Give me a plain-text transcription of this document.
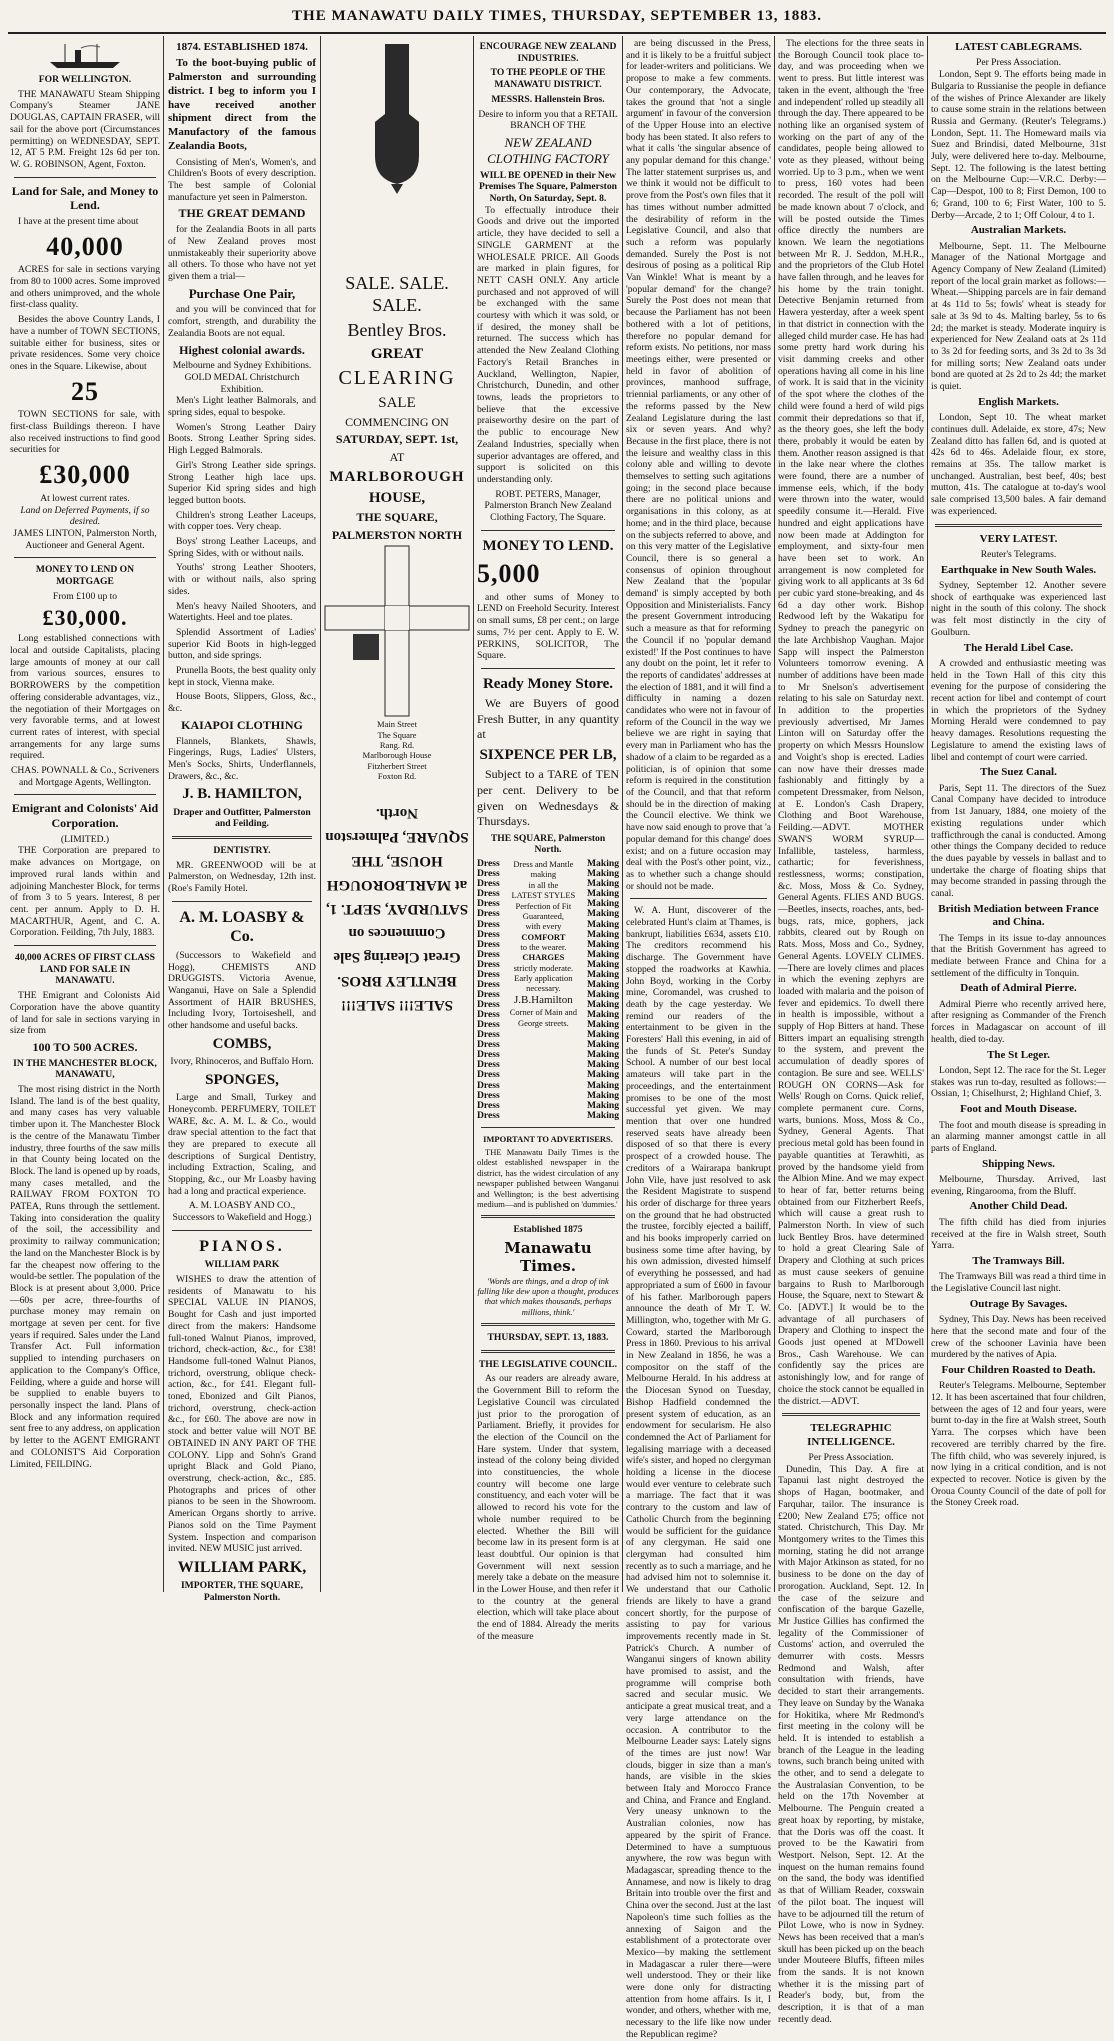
THE MANAWATU DAILY TIMES, THURSDAY, SEPTEMBER 13, 1883.
FOR WELLINGTON.

THE MANAWATU Steam Shipping Company's Steamer JANE DOUGLAS, CAPTAIN FRASER, will sail for the above port (Circumstances permitting) on WEDNESDAY, SEPT. 12, AT 5 P.M. Freight 12s 6d per ton. W. G. ROBINSON, Agent, Foxton.

Land for Sale, and Money to Lend.

I have at the present time about

40,000

ACRES for sale in sections varying from 80 to 1000 acres. Some improved and others unimproved, and the whole first-class quality.

Besides the above Country Lands, I have a number of TOWN SECTIONS, suitable either for business, sites or private residences. Some very choice ones in the Square. Likewise, about

25

TOWN SECTIONS for sale, with first-class Buildings thereon. I have also received instructions to find good securities for

£30,000
At lowest current rates.
Land on Deferred Payments, if so desired.
JAMES LINTON, Palmerston North, Auctioneer and General Agent.
MONEY TO LEND ON MORTGAGE
From £100 up to
£30,000.

Long established connections with local and outside Capitalists, placing large amounts of money at our call from various sources, ensures to BORROWERS by the competition offering considerable advantages, viz., the negotiation of their Mortgages on very favorable terms, and at lowest current rates of interest, with special arrangements for any large sums required.

CHAS. POWNALL & Co., Scriveners and Mortgage Agents, Wellington.
Emigrant and Colonists' Aid Corporation.
(LIMITED.)

THE Corporation are prepared to make advances on Mortgage, on improved rural lands within and adjoining Manchester Block, for terms of from 3 to 5 years. Interest, 8 per cent. per annum. Apply to D. H. MACARTHUR, Agent, and C. A. Corporation. Feilding, 7th July, 1883.

40,000 ACRES OF FIRST CLASS LAND FOR SALE IN MANAWATU.

THE Emigrant and Colonists Aid Corporation have the above quantity of land for sale in sections varying in size from

100 TO 500 ACRES.
IN THE MANCHESTER BLOCK, MANAWATU,

The most rising district in the North Island. The land is of the best quality, and many cases has very valuable timber upon it. The Manchester Block is the centre of the Manawatu Timber industry, three fourths of the saw mills in that County being located on the Block. The land is opened up by roads, many cases metalled, and the RAILWAY FROM FOXTON TO PATEA, Runs through the settlement. Taking into consideration the quality of the soil, the accessibility and proximity to railway communication; the land on the Manchester Block is by far the cheapest now offering to the would-be settler. The population of the Block is at present about 3,000. Price—60s per acre, three-fourths of purchase money may remain on mortgage at seven per cent. for five years if required. Sales under the Land Transfer Act. Full information supplied to intending purchasers on application to the Company's Office, Feilding, where a guide and horse will be supplied to enable buyers to personally inspect the land. Plans of Block and any information required sent free to any address, on application by letter to the AGENT EMIGRANT and COLONIST'S Aid Corporation Limited, FEILDING.

1874. ESTABLISHED 1874.

To the boot-buying public of Palmerston and surrounding district. I beg to inform you I have received another shipment direct from the Manufactory of the famous Zealandia Boots,

Consisting of Men's, Women's, and Children's Boots of every description. The best sample of Colonial manufacture yet seen in Palmerston.

THE GREAT DEMAND

for the Zealandia Boots in all parts of New Zealand proves most unmistakeably their superiority above all others. To those who have not yet given them a trial—

Purchase One Pair,

and you will be convinced that for comfort, strength, and durability the Zealandia Boots are not equal.

Highest colonial awards.
Melbourne and Sydney Exhibitions. GOLD MEDAL Christchurch Exhibition.

Men's Light leather Balmorals, and spring sides, equal to bespoke.

Women's Strong Leather Dairy Boots. Strong Leather Spring sides. High Legged Balmorals.

Girl's Strong Leather side springs. Strong Leather high lace ups. Superior Kid spring sides and high legged button boots.

Children's strong Leather Laceups, with copper toes. Very cheap.

Boys' strong Leather Laceups, and Spring Sides, with or without nails.

Youths' strong Leather Shooters, with or without nails, also spring sides.

Men's heavy Nailed Shooters, and Watertights. Heel and toe plates.

Splendid Assortment of Ladies' superior Kid Boots in high-legged button, and side springs.

Prunella Boots, the best quality only kept in stock, Vienna make.

House Boots, Slippers, Gloss, &c., &c.

KAIAPOI CLOTHING

Flannels, Blankets, Shawls, Fingerings, Rugs, Ladies' Ulsters, Men's Socks, Shirts, Underflannels, Drawers, &c., &c.

J. B. HAMILTON,
Draper and Outfitter, Palmerston and Feilding.
DENTISTRY.

MR. GREENWOOD will be at Palmerston, on Wednesday, 12th inst. (Roe's Family Hotel.

A. M. LOASBY & Co.

(Successors to Wakefield and Hogg), CHEMISTS AND DRUGGISTS. Victoria Avenue, Wanganui, Have on Sale a Splendid Assortment of HAIR BRUSHES, Including Ivory, Tortoiseshell, and other handsome and useful backs.

COMBS,
Ivory, Rhinoceros, and Buffalo Horn.
SPONGES,

Large and Small, Turkey and Honeycomb. PERFUMERY, TOILET WARE, &c. A. M. L. & Co., would draw special attention to the fact that they are prepared to execute all descriptions of Surgical Dentistry, including Extraction, Scaling, and Stopping, &c., our Mr Loasby having had a long and practical experience.

A. M. LOASBY AND CO., Successors to Wakefield and Hogg.)
PIANOS.
WILLIAM PARK

WISHES to draw the attention of residents of Manawatu to his SPECIAL VALUE IN PIANOS, Bought for Cash and just imported direct from the makers: Handsome full-toned Walnut Pianos, improved, trichord, check-action, &c., for £38! Handsome full-toned Walnut Pianos, trichord, overstrung, oblique check-action, &c., for £41. Elegant full-toned, Ebonized and Gilt Pianos, trichord, overstrung, check-action &c., for £60. The above are now in stock and better value will NOT BE OBTAINED IN ANY PART OF THE COLONY. Lipp and Sohn's Grand upright Black and Gold Piano, overstrung, check-action, &c., £85. Photographs and prices of other pianos to be seen in the Showroom. American Organs shortly to arrive. Pianos sold on the Time Payment System. Inspection and comparison invited. NEW MUSIC just arrived.

WILLIAM PARK,
IMPORTER, THE SQUARE, Palmerston North.
SALE. SALE. SALE.
Bentley Bros.
GREAT
CLEARING
SALE
COMMENCING ON
SATURDAY, SEPT. 1st,
AT
MARLBOROUGH
HOUSE,
THE SQUARE,
PALMERSTON NORTH
Main Street
The Square
Rang. Rd.
Marlborough House
Fitzherbert Street
Foxton Rd.
SALE!!! SALE!!! BENTLEY BROS. Great Clearing Sale Commences on SATURDAY, SEPT. 1, at MARLBOROUGH HOUSE, THE SQUARE, Palmerston North.
ENCOURAGE NEW ZEALAND INDUSTRIES.
TO THE PEOPLE OF THE MANAWATU DISTRICT.
MESSRS. Hallenstein Bros.
Desire to inform you that a RETAIL BRANCH OF THE
NEW ZEALAND CLOTHING FACTORY
WILL BE OPENED in their New Premises The Square, Palmerston North, On Saturday, Sept. 8.

To effectually introduce their Goods and drive out the imported article, they have decided to sell a SINGLE GARMENT at the WHOLESALE PRICE. All Goods are marked in plain figures, for NETT CASH ONLY. Any article purchased and not approved of will be exchanged with the same courtesy with which it was sold, or if desired, the money shall be returned. The success which has attended the New Zealand Clothing Factory's Retail Branches in Auckland, Wellington, Napier, Christchurch, Dunedin, and other towns, leads the proprietors to believe that the excessive praiseworthy desire on the part of the public to encourage New Zealand Industries, specially when superior advantages are offered, and support is solicited on this understanding only.

ROBT. PETERS, Manager, Palmerston Branch New Zealand Clothing Factory, The Square.
MONEY TO LEND.
5,000

and other sums of Money to LEND on Freehold Security. Interest on small sums, £8 per cent.; on large sums, 7½ per cent. Apply to E. W. PERKINS, SOLICITOR, The Square.

Ready Money Store.

We are Buyers of good Fresh Butter, in any quantity at

SIXPENCE PER LB,

Subject to a TARE of TEN per cent. Delivery to be given on Wednesdays & Thursdays.

THE SQUARE, Palmerston North.
Dress
Dress
Dress
Dress
Dress
Dress
Dress
Dress
Dress
Dress
Dress
Dress
Dress
Dress
Dress
Dress
Dress
Dress
Dress
Dress
Dress
Dress
Dress
Dress
Dress
Dress
Dress and Mantle making
in all the
LATEST STYLES
Perfection of Fit Guaranteed,
with every
COMFORT
to the wearer.
CHARGES
strictly moderate.
Early application necessary.
J.B.Hamilton
Corner of Main and George streets.
Making
Making
Making
Making
Making
Making
Making
Making
Making
Making
Making
Making
Making
Making
Making
Making
Making
Making
Making
Making
Making
Making
Making
Making
Making
Making
IMPORTANT TO ADVERTISERS.

THE Manawatu Daily Times is the oldest established newspaper in the district, has the widest circulation of any newspaper published between Wanganui and Wellington; is the best advertising medium—and is published on 'dummies.'

Established 1875
Manawatu Times.

'Words are things, and a drop of ink falling like dew upon a thought, produces that which makes thousands, perhaps millions, think.'

THURSDAY, SEPT. 13, 1883.
THE LEGISLATIVE COUNCIL.

As our readers are already aware, the Government Bill to reform the Legislative Council was circulated just prior to the prorogation of Parliament. Briefly, it provides for the election of the Council on the Hare system. Under that system, instead of the colony being divided into constituencies, the whole country will become one large constituency, and each voter will be allowed to record his vote for the whole number required to be elected. Whether the Bill will become law in its present form is at least doubtful. Our opinion is that Government will next session merely take a debate on the measure in the Lower House, and then refer it to the country at the general election, which will take place about the end of 1884. Already the merits of the measure

are being discussed in the Press, and it is likely to be a fruitful subject for leader-writers and politicians. We propose to make a few comments. Our contemporary, the Advocate, takes the ground that 'not a single argument' in favour of the conversion of the Upper House into an elective body has been stated. It also refers to what it calls 'the singular absence of any popular demand for this change.' The latter statement surprises us, and we think it would not be difficult to prove from the Post's own files that it has times without number admitted the desirability of reform in the Legislative Council, and also that such a reform was popularly demanded. Surely the Post is not desirous of posing as a political Rip Van Winkle! What is meant by a 'popular demand' for the change? Surely the Post does not mean that because the Parliament has not been bothered with a lot of petitions, therefore no popular demand for reform exists. No petitions, nor mass meetings either, were presented or held in favor of abolition of provinces, manhood suffrage, triennial parliaments, or any other of the reforms passed by the New Zealand Legislature during the last six or seven years. And why? Because in the first place, there is not the leisure and wealthy class in this colony able and willing to devote themselves to setting such agitations going; in the second place because there are no political unions and organisations in this colony, as at home; and in the third place, because on the subjects referred to above, and on this very matter of the Legislative Council, there is so general a consensus of opinion throughout New Zealand that the 'popular demand' is simply accepted by both Opposition and Ministerialists. Fancy the present Government introducing such a measure as that for reforming the Council if no 'popular demand existed!' If the Post continues to have any doubt on the point, let it refer to the reports of candidates' addresses at the election of 1881, and it will find a difficulty in naming a dozen candidates who were not in favour of reform of the Council in the way we believe we are right in saying that every man in Parliament who has the shadow of a claim to be regarded as a politician, is of opinion that some reform is required in the constitution of the Council, and that that reform should be in the direction of making the Council elective. We think we have now said enough to prove that 'a popular demand for this change' does exist; and on a future occasion may deal with the Post's other point, viz., as to whether such a change should or should not be made.

W. A. Hunt, discoverer of the celebrated Hunt's claim at Thames, is bankrupt, liabilities £634, assets £10. The creditors recommend his discharge. The Government have stopped the roadworks at Kawhia. John Boyd, working in the Corby mine, Coromandel, was crushed to death by the cage yesterday. We remind our readers of the entertainment to be given in the Foresters' Hall this evening, in aid of the funds of St. Peter's Sunday School. A number of our best local amateurs will take part in the proceedings, and the entertainment promises to be one of the most successful yet given. We may mention that over one hundred reserved seats have already been disposed of so that there is every prospect of a crowded house. The creditors of a Wairarapa bankrupt John Vile, have just resolved to ask the Resident Magistrate to suspend his order of discharge for three years on the ground that he had obstructed the trustee, forcibly ejected a bailiff, and his books improperly carried on business some time after having, by his own admission, divested himself of everything he possessed, and had appropriated a sum of £600 in favour of his father. Marlborough papers announce the death of Mr T. W. Millington, who, together with Mr G. Coward, started the Marlborough Press in 1860. Previous to his arrival in New Zealand in 1856, he was a compositor on the staff of the Melbourne Herald. In his address at the Diocesan Synod on Tuesday, Bishop Hadfield condemned the present system of education, as an endowment for secularism. He also condemned the Act of Parliament for legalising marriage with a deceased wife's sister, and hoped no clergyman holding a license in the diocese would ever venture to celebrate such a marriage. The fact that it was contrary to the custom and law of Catholic Church from the beginning would be sufficient for the guidance of any clergyman. He said one clergyman had consulted him recently as to such a marriage, and he had advised him not to solemnise it. We understand that our Catholic friends are likely to have a grand concert shortly, for the purpose of assisting to pay for various improvements recently made in St. Patrick's Church. A number of Wanganui singers of known ability have promised to assist, and the programme will comprise both sacred and secular music. We anticipate a great musical treat, and a very large attendance on the occasion. A contributor to the Melbourne Leader says: Lately signs of the times are just now! War clouds, bigger in size than a man's hands, are visible in the skies between Italy and Morocco France and China, and France and England. Very uneasy unknown to the Australian colonies, now has appeared by the spirit of France. Determined to have a sumptuous anywhere, the row was begun with Madagascar, spreading thence to the Annamese, and now is likely to drag Britain into trouble over the first and China over the second. Just at the last Napoleon's time such follies as the annexing of Saigon and the establishment of a protectorate over Mexico—by making the settlement in Madagascar a ruler there—were well understood. They or their like were done only for distracting attention from home affairs. Is it, I wonder, and others, whether with me, necessary to the life like now under the Republican regime?

The elections for the three seats in the Borough Council took place to-day, and was proceeding when we went to press. But little interest was taken in the event, although the 'free and independent' rolled up steadily all through the day. There appeared to be nothing like an organised system of working on the part of any of the candidates, people being allowed to vote as they pleased, without being worried. Up to 3 p.m., when we went to press, 160 votes had been recorded. The result of the poll will be made known about 7 o'clock, and will be posted outside the Times office directly the numbers are known. We learn the negotiations between Mr R. J. Seddon, M.H.R., and the proprietors of the Club Hotel have fallen through, and he leaves for his home by the train tonight. Detective Benjamin returned from Hawera yesterday, after a week spent in that district in connection with the alleged child murder case. He has had some pretty hard work during his visit damming creeks and other operations having all come in his line of work. It is said that in the vicinity of the spot where the clothes of the child were found a herd of wild pigs commit their depredations so that if, as the theory goes, she left the body there, probably it would be eaten by them. Another reason assigned is that in the lake near where the clothes were found, there are a number of immense eels, which, if the body were thrown into the water, would speedily consume it.—Herald. Five hundred and eight applications have now been made at Addington for employment, and sixty-four men have been set to work. An arrangement is now completed for giving work to all applicants at 3s 6d per cubic yard stone-breaking, and 4s 6d a day other work. Bishop Redwood left by the Wakatipu for Sydney to preach the panegyric on the late Archbishop Vaughan. Major Sapp will inspect the Palmerston Volunteers tomorrow evening. A number of additions have been made to Mr Snelson's advertisement relating to his sale on Saturday next. In addition to the properties previously advertised, Mr James Linton will on Saturday offer the property on which Messrs Hounslow and Voight's shop is erected. Ladies can now have their dresses made fashionably and fittingly by a competent Dressmaker, from Nelson, at E. London's Cash Drapery, Clothing and Boot Warehouse, Feilding.—ADVT. MOTHER SWAN'S WORM SYRUP—Infallible, tasteless, harmless, cathartic; for feverishness, restlessness, worms; constipation, &c. Moss, Moss & Co. Sydney, General Agents. FLIES AND BUGS.—Beetles, insects, roaches, ants, bed-bugs, rats, mice, gophers, jack rabbits, cleared out by Rough on Rats. Moss, Moss and Co., Sydney, General Agents. LOVELY CLIMES.—There are lovely climes and places in which the evening zephyrs are loaded with malaria and the poison of fever and epidemics. To dwell there in health is impossible, without a supply of Hop Bitters at hand. These Bitters impart an equalising strength to the system, and prevent the accumulation of deadly spores of contagion. Be sure and see. WELLS' ROUGH ON CORNS—Ask for Wells' Rough on Corns. Quick relief, complete permanent cure. Corns, warts, bunions. Moss, Moss & Co., Sydney, General Agents. That precious metal gold has been found in payable quantities at Terawhiti, as proved by the handsome yield from the Albion Mine. And we may expect to hear of far, better returns being obtained from our Fitzherbert Reefs, which will cause a great rush to Palmerston North. In view of such luck Bentley Bros. have determined to hold a great Clearing Sale of Drapery and Clothing at such prices as must cause seekers of genuine bargains to Rush to Marlborough House, the Square, next to Stewart & Co. [ADVT.] It would be to the advantage of all purchasers of Drapery and Clothing to inspect the Goods just opened at M'Dowell Bros., Cash Warehouse. We can confidently say the prices are astonishingly low, and for range of choice the stock cannot be equalled in the district.—ADVT.

TELEGRAPHIC INTELLIGENCE.
Per Press Association.

Dunedin, This Day. A fire at Tapanui last night destroyed the shops of Hagan, bootmaker, and Farquhar, tailor. The insurance is £200; New Zealand £75; office not stated. Christchurch, This Day. Mr Montgomery writes to the Times this morning, stating he did not arrange with Major Atkinson as stated, for no business to be done on the day of prorogation. Auckland, Sept. 12. In the case of the seizure and confiscation of the barque Gazelle, Mr Justice Gillies has confirmed the legality of the Commissioner of Customs' action, and overruled the demurrer with costs. Messrs Redmond and Walsh, after consultation with friends, have decided to start their arrangements. They leave on Sunday by the Wanaka for Hokitika, where Mr Redmond's first meeting in the colony will be held. It is intended to establish a branch of the League in the leading towns, such branch being united with the other, and to send a delegate to the Australasian Convention, to be held on the 17th November at Melbourne. The Penguin created a great hoax by reporting, by mistake, that the Doris was off the coast. It proved to be the Kawatiri from Westport. Nelson, Sept. 12. At the inquest on the human remains found on the sand, the body was identified as that of William Reader, coxswain of the pilot boat. The inquest will have to be adjourned till the return of Pilot Lowe, who is now in Sydney. News has been received that a man's skull has been picked up on the beach under Mouteere Bluffs, fifteen miles from the sands. It is not known whether it is the missing part of Reader's body, but, from the description, it is that of a man recently dead.

LATEST CABLEGRAMS.
Per Press Association.

London, Sept 9. The efforts being made in Bulgaria to Russianise the people in defiance of the wishes of Prince Alexander are likely to cause some strain in the relations between Russia and Germany. (Reuter's Telegrams.) London, Sept. 11. The Homeward mails via Suez and Brindisi, dated Melbourne, 31st July, were delivered here to-day. Melbourne, Sept. 12. The following is the latest betting on the Melbourne Cup:—V.R.C. Derby:—Cap—Despot, 100 to 8; First Demon, 100 to 6; Grand, 100 to 6; First Water, 100 to 5. Derby—Arcade, 2 to 1; Off Colour, 4 to 1.

Australian Markets.

Melbourne, Sept. 11. The Melbourne Manager of the National Mortgage and Agency Company of New Zealand (Limited) report of the local grain market as follows:— Wheat.—Shipping parcels are in fair demand at 4s 11d to 5s; fowls' wheat is steady for sale at 3s 9d to 4s. Malting barley, 5s to 6s 2d; the market is steady. Moderate inquiry is experienced for New Zealand oats at 2s 11d to 3s 2d for feeding sorts, and 3s 2d to 3s 3d for milling sorts; New Zealand oats under bond are quoted at 2s 2d to 2s 4d; the market is quiet.

English Markets.

London, Sept 10. The wheat market continues dull. Adelaide, ex store, 47s; New Zealand ditto has fallen 6d, and is quoted at 42s 6d to 46s. Adelaide flour, ex store, remains at 35s. The tallow market is unchanged. Australian, best beef, 40s; best mutton, 41s. The catalogue at to-day's wool sale comprised 13,500 bales. A fair demand was experienced.

VERY LATEST.
Reuter's Telegrams.
Earthquake in New South Wales.

Sydney, September 12. Another severe shock of earthquake was experienced last night in the south of this colony. The shock was felt most distinctly in the city of Goulburn.

The Herald Libel Case.

A crowded and enthusiastic meeting was held in the Town Hall of this city this evening for the purpose of considering the recent action for libel and contempt of court in which the proprietors of the Sydney Morning Herald were condemned to pay heavy damages. Resolutions requesting the Legislature to amend the existing laws of libel and contempt of court were carried.

The Suez Canal.

Paris, Sept 11. The directors of the Suez Canal Company have decided to introduce from 1st January, 1884, one moiety of the existing regulations under which trafficthrough the canal is conducted. Among other things the Company decided to reduce the dues payable by vessels in ballast and to undertake the charge of floating ships that may become stranded in passing through the canal.

British Mediation between France and China.

The Temps in its issue to-day announces that the British Government has agreed to mediate between France and China for a settlement of the difficulty in Tonquin.

Death of Admiral Pierre.

Admiral Pierre who recently arrived here, after resigning as Commander of the French forces in Madagascar on account of ill health, died to-day.

The St Leger.

London, Sept 12. The race for the St. Leger stakes was run to-day, resulted as follows:—Ossian, 1; Chiselhurst, 2; Highland Chief, 3.

Foot and Mouth Disease.

The foot and mouth disease is spreading in an alarming manner amongst cattle in all parts of England.

Shipping News.

Melbourne, Thursday. Arrived, last evening, Ringarooma, from the Bluff.

Another Child Dead.

The fifth child has died from injuries received at the fire in Walsh street, South Yarra.

The Tramways Bill.

The Tramways Bill was read a third time in the Legislative Council last night.

Outrage By Savages.

Sydney, This Day. News has been received here that the second mate and four of the crew of the schooner Lavinia have been murdered by the natives of Apia.

Four Children Roasted to Death.

Reuter's Telegrams. Melbourne, September 12. It has been ascertained that four children, between the ages of 12 and four years, were burnt to-day in the fire at Walsh street, South Yarra. The corpses which have been recovered are terribly charred by the fire. The fifth child, who was severely injured, is now lying in a critical condition, and is not expected to recover. Notice is given by the Oroua County Council of the date of poll for the Stoney Creek road.
